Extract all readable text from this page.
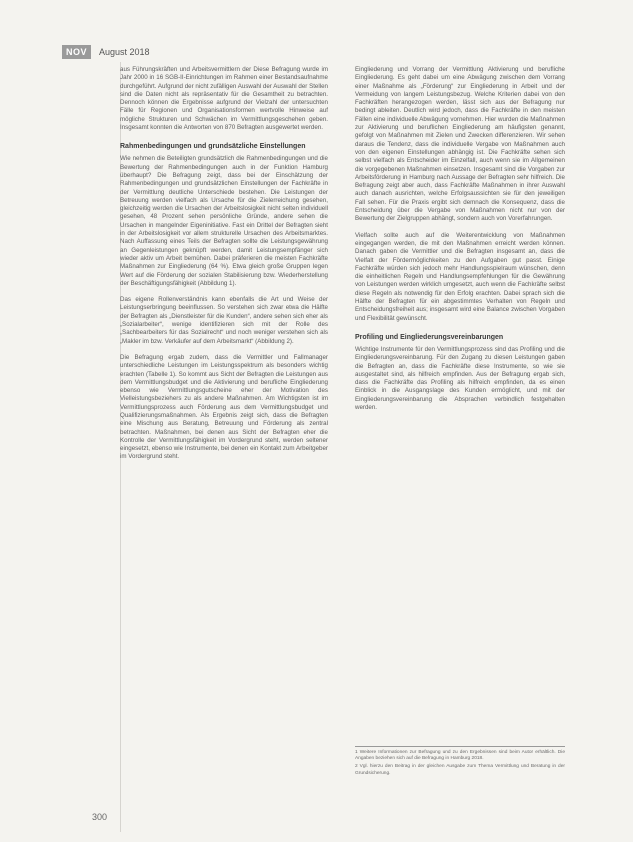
NOV	August 2018

aus Führungskräften und Arbeitsvermittlern der Diese Befragung wurde im Jahr 2000 in 16 SGB-II-Einrichtungen im Rahmen einer Bestandsaufnahme durchgeführt. Aufgrund der nicht zufälligen Auswahl der Auswahl der Stellen sind die Daten nicht als repräsentativ für die Gesamtheit zu betrachten. Dennoch können die Ergebnisse aufgrund der Vielzahl der untersuchten Fälle für Regionen und Organisationsformen wertvolle Hinweise auf mögliche Strukturen und Schwächen im Vermittlungsgeschehen geben. Insgesamt konnten die Antworten von 870 Befragten ausgewertet werden.

Rahmenbedingungen und grundsätzliche Einstellungen

Wie nehmen die Beteiligten grundsätzlich die Rahmenbedingungen und die Bewertung der Rahmenbedingungen auch in der Funktion Hamburg überhaupt? Die Befragung zeigt, dass bei der Einschätzung der Rahmenbedingungen und grundsätzlichen Einstellungen der Fachkräfte in der Vermittlung deutliche Unterschiede bestehen. Die Leistungen der Betreuung werden vielfach als Ursache für die Zielerreichung gesehen, gleichzeitig werden die Ursachen der Arbeitslosigkeit nicht selten individuell gesehen, 48 Prozent sehen persönliche Gründe, andere sehen die Ursachen in mangelnder Eigeninitiative. Fast ein Drittel der Befragten sieht in der Arbeitslosigkeit vor allem strukturelle Ursachen des Arbeitsmarktes. Nach Auffassung eines Teils der Befragten sollte die Leistungsgewährung an Gegenleistungen geknüpft werden, damit Leistungsempfänger sich wieder aktiv um Arbeit bemühen. Dabei präferieren die meisten Fachkräfte Maßnahmen zur Eingliederung (64 %). Etwa gleich große Gruppen legen Wert auf die Förderung der sozialen Stabilisierung bzw. Wiederherstellung der Beschäftigungsfähigkeit (Abbildung 1).

Das eigene Rollenverständnis kann ebenfalls die Art und Weise der Leistungserbringung beeinflussen. So verstehen sich zwar etwa die Hälfte der Befragten als „Dienstleister für die Kunden“, andere sehen sich eher als „Sozialarbeiter“, wenige identifizieren sich mit der Rolle des „Sachbearbeiters für das Sozialrecht“ und noch weniger verstehen sich als „Makler im bzw. Verkäufer auf dem Arbeitsmarkt“ (Abbildung 2).

Die Befragung ergab zudem, dass die Vermittler und Fallmanager unterschiedliche Leistungen im Leistungsspektrum als besonders wichtig erachten (Tabelle 1). So kommt aus Sicht der Befragten die Leistungen aus dem Vermittlungsbudget und die Aktivierung und berufliche Eingliederung ebenso wie Vermittlungsgutscheine eher der Motivation des Vielleistungsbeziehers zu als andere Maßnahmen. Am Wichtigsten ist im Vermittlungsprozess auch Förderung aus dem Vermittlungsbudget und Qualifizierungsmaßnahmen. Als Ergebnis zeigt sich, dass die Befragten eine Mischung aus Beratung, Betreuung und Förderung als zentral betrachten. Maßnahmen, bei denen aus Sicht der Befragten eher die Kontrolle der Vermittlungsfähigkeit im Vordergrund steht, werden seltener eingesetzt, ebenso wie Instrumente, bei denen ein Kontakt zum Arbeitgeber im Vordergrund steht.

Eingliederung und Vorrang der Vermittlung Aktivierung und berufliche Eingliederung. Es geht dabei um eine Abwägung zwischen dem Vorrang einer Maßnahme als „Förderung“ zur Eingliederung in Arbeit und der Vermeidung von langem Leistungsbezug. Welche Kriterien dabei von den Fachkräften herangezogen werden, lässt sich aus der Befragung nur bedingt ableiten. Deutlich wird jedoch, dass die Fachkräfte in den meisten Fällen eine individuelle Abwägung vornehmen. Hier wurden die Maßnahmen zur Aktivierung und beruflichen Eingliederung am häufigsten genannt, gefolgt von Maßnahmen mit Zielen und Zwecken differenzieren. Wir sehen daraus die Tendenz, dass die individuelle Vergabe von Maßnahmen auch von den eigenen Einstellungen abhängig ist. Die Fachkräfte sehen sich selbst vielfach als Entscheider im Einzelfall, auch wenn sie im Allgemeinen die vorgegebenen Maßnahmen einsetzen. Insgesamt sind die Vorgaben zur Arbeitsförderung in Hamburg nach Aussage der Befragten sehr hilfreich. Die Befragung zeigt aber auch, dass Fachkräfte Maßnahmen in ihrer Auswahl auch danach ausrichten, welche Erfolgsaussichten sie für den jeweiligen Fall sehen. Für die Praxis ergibt sich demnach die Konsequenz, dass die Entscheidung über die Vergabe von Maßnahmen nicht nur von der Bewertung der Zielgruppen abhängt, sondern auch von Vorerfahrungen.

Vielfach sollte auch auf die Weiterentwicklung von Maßnahmen eingegangen werden, die mit den Maßnahmen erreicht werden können. Danach gaben die Vermittler und die Befragten insgesamt an, dass die Vielfalt der Fördermöglichkeiten zu den Aufgaben gut passt. Einige Fachkräfte würden sich jedoch mehr Handlungsspielraum wünschen, denn die einheitlichen Regeln und Handlungsempfehlungen für die Gewährung von Leistungen werden wirklich umgesetzt, auch wenn die Fachkräfte selbst diese Regeln als notwendig für den Erfolg erachten. Dabei sprach sich die Hälfte der Befragten für ein abgestimmtes Verhalten von Regeln und Entscheidungsfreiheit aus; insgesamt wird eine Balance zwischen Vorgaben und Flexibilität gewünscht.

Profiling und Eingliederungsvereinbarungen

Wichtige Instrumente für den Vermittlungsprozess sind das Profiling und die Eingliederungsvereinbarung. Für den Zugang zu diesen Leistungen gaben die Befragten an, dass die Fachkräfte diese Instrumente, so wie sie ausgestaltet sind, als hilfreich empfinden. Aus der Befragung ergab sich, dass die Fachkräfte das Profiling als hilfreich empfinden, da es einen Einblick in die Ausgangslage des Kunden ermöglicht, und mit der Eingliederungsvereinbarung die Absprachen verbindlich festgehalten werden.

1 Weitere Informationen zur Befragung und zu den Ergebnissen sind beim Autor erhältlich. Die Angaben beziehen sich auf die Befragung in Hamburg 2018.

2 Vgl. hierzu den Beitrag in der gleichen Ausgabe zum Thema Vermittlung und Beratung in der Grundsicherung.

300
